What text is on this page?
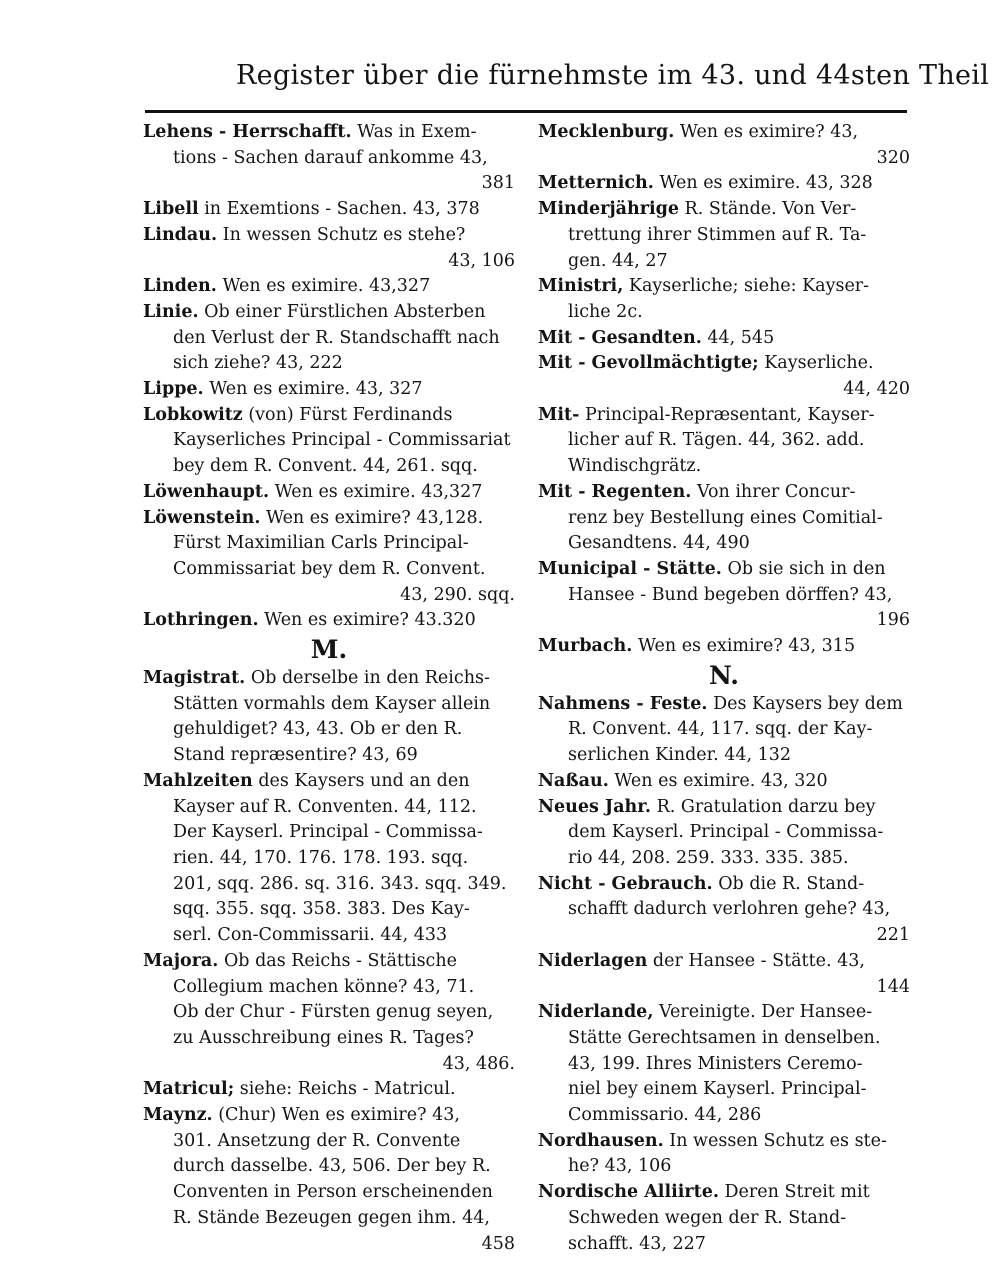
Register über die fürnehmste im 43. und 44sten Theil

Lehens - Herrschafft. Was in Exem-

tions - Sachen darauf ankomme 43,
381

Libell in Exemtions - Sachen. 43, 378

Lindau. In wessen Schutz es stehe?

43, 106

Linden. Wen es eximire. 43,327

Linie. Ob einer Fürstlichen Absterben

den Verlust der R. Standschafft nach
sich ziehe? 43, 222

Lippe. Wen es eximire. 43, 327

Lobkowitz (von) Fürst Ferdinands

Kayserliches Principal - Commissariat
bey dem R. Convent. 44, 261. sqq.

Löwenhaupt. Wen es eximire. 43,327

Löwenstein. Wen es eximire? 43,128.

Fürst Maximilian Carls Principal-
Commissariat bey dem R. Convent.
43, 290. sqq.

Lothringen. Wen es eximire? 43.320

M.

Magistrat. Ob derselbe in den Reichs-

Stätten vormahls dem Kayser allein
gehuldiget? 43, 43. Ob er den R.
Stand repræsentire? 43, 69

Mahlzeiten des Kaysers und an den

Kayser auf R. Conventen. 44, 112.
Der Kayserl. Principal - Commissa-
rien. 44, 170. 176. 178. 193. sqq.
201, sqq. 286. sq. 316. 343. sqq. 349.
sqq. 355. sqq. 358. 383. Des Kay-
serl. Con-Commissarii. 44, 433

Majora. Ob das Reichs - Stättische

Collegium machen könne? 43, 71.
Ob der Chur - Fürsten genug seyen,
zu Ausschreibung eines R. Tages?
43, 486.

Matricul; siehe: Reichs - Matricul.

Maynz. (Chur) Wen es eximire? 43,

301. Ansetzung der R. Convente
durch dasselbe. 43, 506. Der bey R.
Conventen in Person erscheinenden
R. Stände Bezeugen gegen ihm. 44,
458

Mecklenburg. Wen es eximire? 43,

320

Metternich. Wen es eximire. 43, 328

Minderjährige R. Stände. Von Ver-

trettung ihrer Stimmen auf R. Ta-
gen. 44, 27

Ministri, Kayserliche; siehe: Kayser-

liche 2c.

Mit - Gesandten. 44, 545

Mit - Gevollmächtigte; Kayserliche.

44, 420

Mit- Principal-Repræsentant, Kayser-

licher auf R. Tägen. 44, 362. add.
Windischgrätz.

Mit - Regenten. Von ihrer Concur-

renz bey Bestellung eines Comitial-
Gesandtens. 44, 490

Municipal - Stätte. Ob sie sich in den

Hansee - Bund begeben dörffen? 43,
196

Murbach. Wen es eximire? 43, 315

N.

Nahmens - Feste. Des Kaysers bey dem

R. Convent. 44, 117. sqq. der Kay-
serlichen Kinder. 44, 132

Naßau. Wen es eximire. 43, 320

Neues Jahr. R. Gratulation darzu bey

dem Kayserl. Principal - Commissa-
rio 44, 208. 259. 333. 335. 385.

Nicht - Gebrauch. Ob die R. Stand-

schafft dadurch verlohren gehe? 43,
221

Niderlagen der Hansee - Stätte. 43,

144

Niderlande, Vereinigte. Der Hansee-

Stätte Gerechtsamen in denselben.
43, 199. Ihres Ministers Ceremo-
niel bey einem Kayserl. Principal-
Commissario. 44, 286

Nordhausen. In wessen Schutz es ste-

he? 43, 106

Nordische Alliirte. Deren Streit mit

Schweden wegen der R. Stand-
schafft. 43, 227
